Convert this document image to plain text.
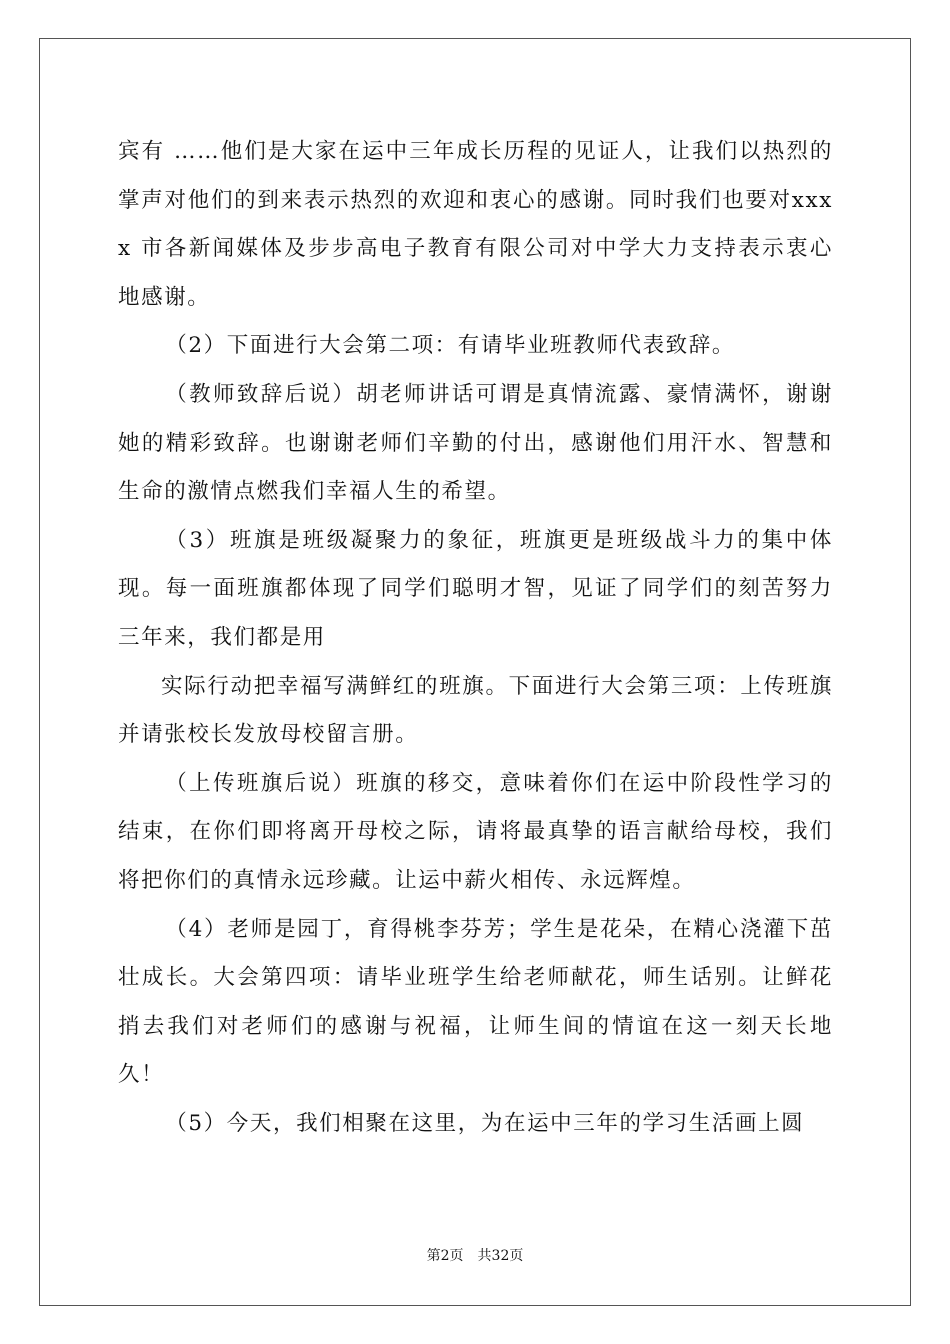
宾有 ……他们是大家在运中三年成长历程的见证人，让我们以热烈的掌声对他们的到来表示热烈的欢迎和衷心的感谢。同时我们也要对xxxx 市各新闻媒体及步步高电子教育有限公司对中学大力支持表示衷心地感谢。

（2）下面进行大会第二项：有请毕业班教师代表致辞。

（教师致辞后说）胡老师讲话可谓是真情流露、豪情满怀，谢谢她的精彩致辞。也谢谢老师们辛勤的付出，感谢他们用汗水、智慧和生命的激情点燃我们幸福人生的希望。

（3）班旗是班级凝聚力的象征，班旗更是班级战斗力的集中体现。每一面班旗都体现了同学们聪明才智，见证了同学们的刻苦努力三年来，我们都是用

实际行动把幸福写满鲜红的班旗。下面进行大会第三项：上传班旗并请张校长发放母校留言册。

（上传班旗后说）班旗的移交，意味着你们在运中阶段性学习的结束，在你们即将离开母校之际，请将最真挚的语言献给母校，我们将把你们的真情永远珍藏。让运中薪火相传、永远辉煌。

（4）老师是园丁，育得桃李芬芳；学生是花朵，在精心浇灌下茁壮成长。大会第四项：请毕业班学生给老师献花，师生话别。让鲜花捎去我们对老师们的感谢与祝福，让师生间的情谊在这一刻天长地久！

（5）今天，我们相聚在这里，为在运中三年的学习生活画上圆

第2页 共32页
